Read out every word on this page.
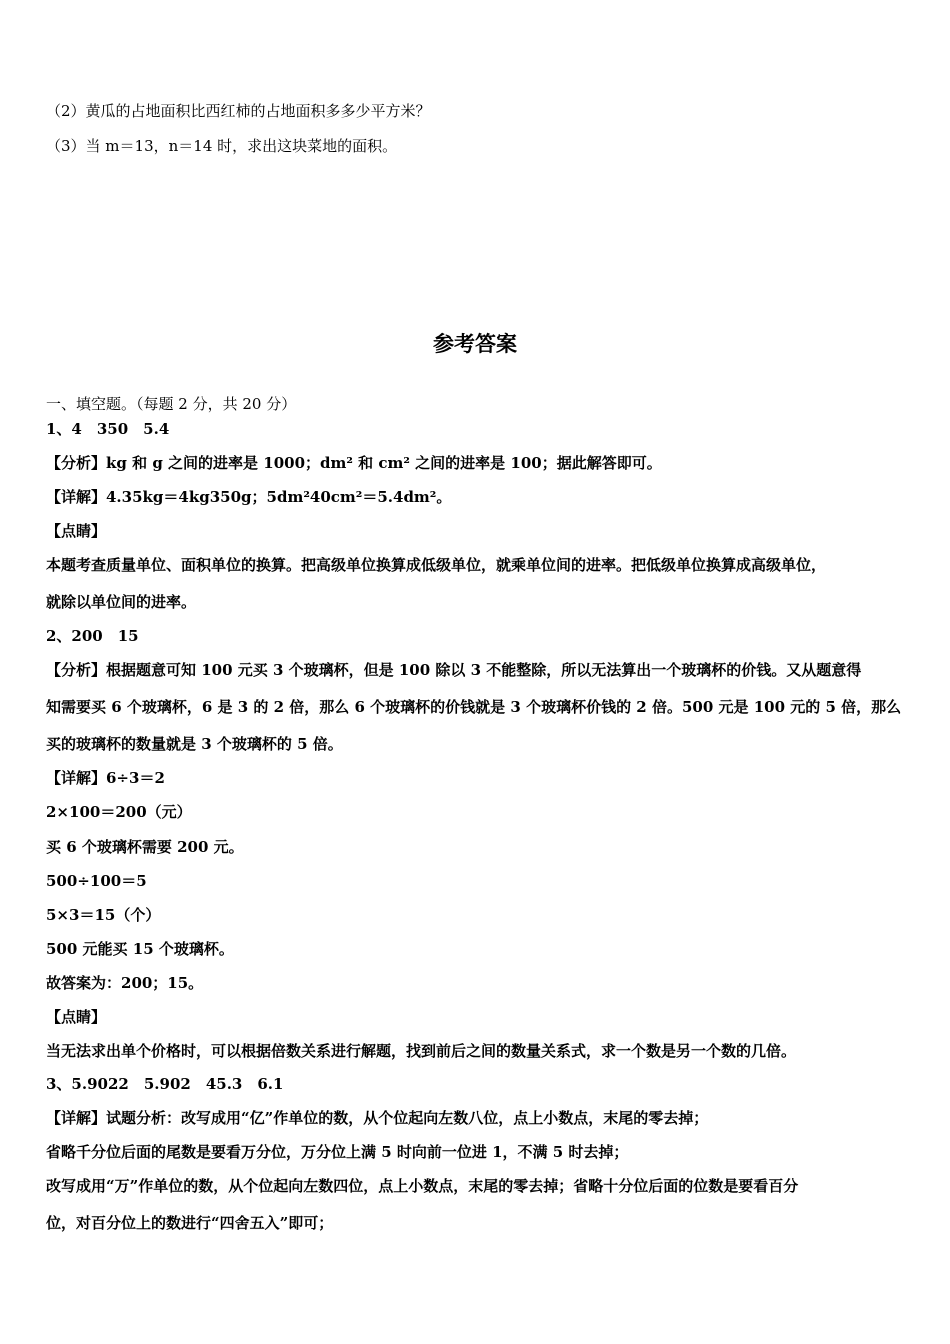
（2）黄瓜的占地面积比西红柿的占地面积多多少平方米？
（3）当 m＝13，n＝14 时，求出这块菜地的面积。
参考答案
一、填空题。（每题 2 分，共 20 分）
1、4　350　5.4
【分析】kg 和 g 之间的进率是 1000；dm² 和 cm² 之间的进率是 100；据此解答即可。
【详解】4.35kg＝4kg350g；5dm²40cm²＝5.4dm²。
【点睛】
本题考查质量单位、面积单位的换算。把高级单位换算成低级单位，就乘单位间的进率。把低级单位换算成高级单位，
就除以单位间的进率。
2、200　15
【分析】根据题意可知 100 元买 3 个玻璃杯，但是 100 除以 3 不能整除，所以无法算出一个玻璃杯的价钱。又从题意得
知需要买 6 个玻璃杯，6 是 3 的 2 倍，那么 6 个玻璃杯的价钱就是 3 个玻璃杯价钱的 2 倍。500 元是 100 元的 5 倍，那么
买的玻璃杯的数量就是 3 个玻璃杯的 5 倍。
【详解】6÷3＝2
2×100＝200（元）
买 6 个玻璃杯需要 200 元。
500÷100＝5
5×3＝15（个）
500 元能买 15 个玻璃杯。
故答案为：200；15。
【点睛】
当无法求出单个价格时，可以根据倍数关系进行解题，找到前后之间的数量关系式，求一个数是另一个数的几倍。
3、5.9022　5.902　45.3　6.1
【详解】试题分析：改写成用“亿”作单位的数，从个位起向左数八位，点上小数点，末尾的零去掉；
省略千分位后面的尾数是要看万分位，万分位上满 5 时向前一位进 1，不满 5 时去掉；
改写成用“万”作单位的数，从个位起向左数四位，点上小数点，末尾的零去掉；省略十分位后面的位数是要看百分
位，对百分位上的数进行“四舍五入”即可；
